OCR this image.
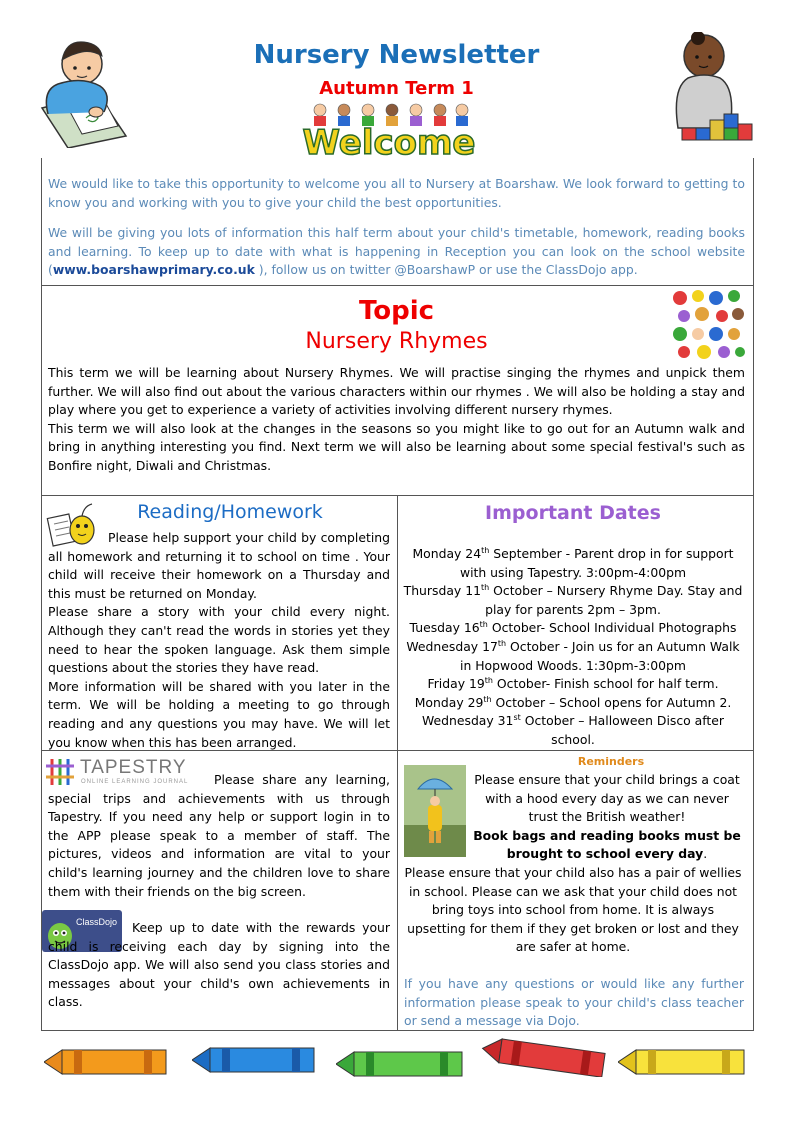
Nursery Newsletter
Autumn Term 1
Welcome

We would like to take this opportunity to welcome you all to Nursery at Boarshaw. We look forward to getting to know you and working with you to give your child the best opportunities.

We will be giving you lots of information this half term about your child's timetable, homework, reading books and learning. To keep up to date with what is happening in Reception you can look on the school website (www.boarshawprimary.co.uk ), follow us on twitter @BoarshawP or use the ClassDojo app.

Topic
Nursery Rhymes

This term we will be learning about Nursery Rhymes. We will practise singing the rhymes and unpick them further. We will also find out about the various characters within our rhymes . We will also be holding a stay and play where you get to experience a variety of activities involving different nursery rhymes.

This term we will also look at the changes in the seasons so you might like to go out for an Autumn walk and bring in anything interesting you find. Next term we will also be learning about some special festival's such as Bonfire night, Diwali and Christmas.

Reading/Homework

Please help support your child by completing all homework and returning it to school on time . Your child will receive their homework on a Thursday and this must be returned on Monday.

Please share a story with your child every night. Although they can't read the words in stories yet they need to hear the spoken language. Ask them simple questions about the stories they have read.

More information will be shared with you later in the term. We will be holding a meeting to go through reading and any questions you may have. We will let you know when this has been arranged.

Important Dates

Monday 24th September - Parent drop in for support with using Tapestry. 3:00pm-4:00pm

Thursday 11th October – Nursery Rhyme Day. Stay and play for parents 2pm – 3pm.

Tuesday 16th October- School Individual Photographs

Wednesday 17th October - Join us for an Autumn Walk in Hopwood Woods. 1:30pm-3:00pm

Friday 19th October- Finish school for half term.

Monday 29th October – School opens for Autumn 2.

Wednesday 31st October – Halloween Disco after school.

TAPESTRY
ONLINE LEARNING JOURNAL	Please share any learning, special trips and achievements with us through Tapestry. If you need any help or support login in to the APP please speak to a member of staff. The pictures, videos and information are vital to your child's learning journey and the children love to share them with their friends on the big screen.

ClassDojo	Keep up to date with the rewards your child is receiving each day by signing into the ClassDojo app. We will also send you class stories and messages about your child's own achievements in class.

Reminders

Please ensure that your child brings a coat with a hood every day as we can never trust the British weather!

Book bags and reading books must be brought to school every day.

Please ensure that your child also has a pair of wellies in school. Please can we ask that your child does not bring toys into school from home. It is always upsetting for them if they get broken or lost and they are safer at home.

If you have any questions or would like any further information please speak to your child's class teacher or send a message via Dojo.
